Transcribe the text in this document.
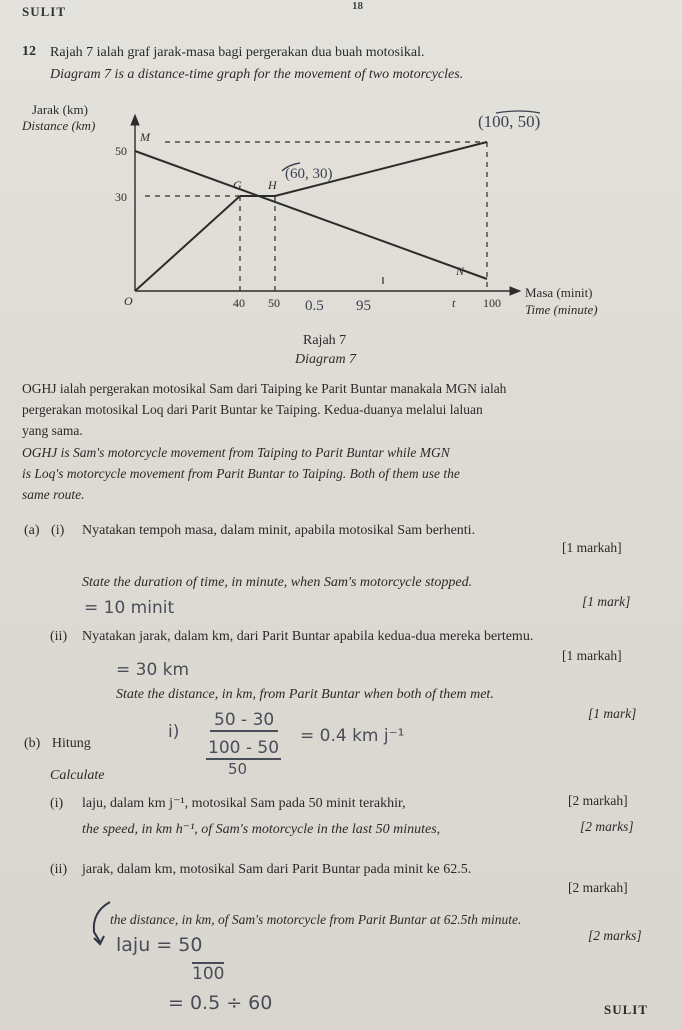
SULIT	18
12 Rajah 7 ialah graf jarak-masa bagi pergerakan dua buah motosikal.
Diagram 7 is a distance-time graph for the movement of two motorcycles.
50
30
40 50	t 100
O
M
G H
N
(100, 50)
(60, 30)
0.5 95
Jarak (km)
Distance (km)
Masa (minit)
Time (minute)
Rajah 7
Diagram 7
OGHJ ialah pergerakan motosikal Sam dari Taiping ke Parit Buntar manakala MGN ialah
pergerakan motosikal Loq dari Parit Buntar ke Taiping. Kedua-duanya melalui laluan
yang sama.
OGHJ is Sam's motorcycle movement from Taiping to Parit Buntar while MGN
is Loq's motorcycle movement from Parit Buntar to Taiping. Both of them use the
same route.
(a) (i) Nyatakan tempoh masa, dalam minit, apabila motosikal Sam berhenti.
[1 markah]
State the duration of time, in minute, when Sam's motorcycle stopped.
[1 mark]
= 10 minit
(ii) Nyatakan jarak, dalam km, dari Parit Buntar apabila kedua-dua mereka bertemu.
[1 markah]
= 30 km
State the distance, in km, from Parit Buntar when both of them met.
[1 mark]
(b) Hitung
Calculate
i)
50 - 30
100 - 50
50
= 0.4 km j⁻¹
(i) laju, dalam km j⁻¹, motosikal Sam pada 50 minit terakhir,	[2 markah]
the speed, in km h⁻¹, of Sam's motorcycle in the last 50 minutes,	[2 marks]
(ii) jarak, dalam km, motosikal Sam dari Parit Buntar pada minit ke 62.5.
[2 markah]
the distance, in km, of Sam's motorcycle from Parit Buntar at 62.5th minute.
[2 marks]
laju = 50
100
= 0.5 ÷ 60	SULIT
